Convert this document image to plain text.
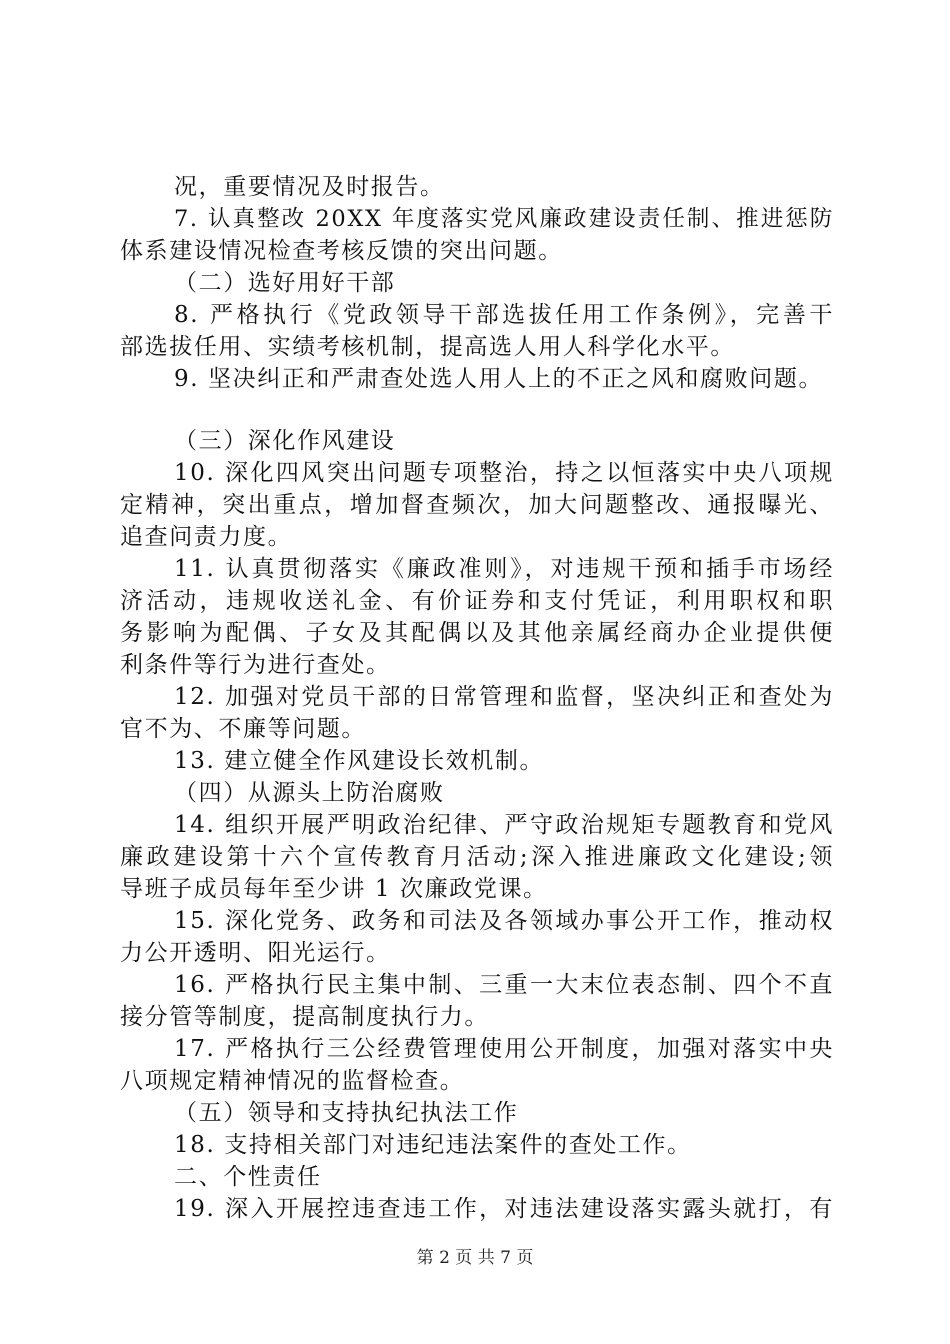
况，重要情况及时报告。
7. 认真整改 20XX 年度落实党风廉政建设责任制、推进惩防
体系建设情况检查考核反馈的突出问题。
（二）选好用好干部
8. 严格执行《党政领导干部选拔任用工作条例》，完善干
部选拔任用、实绩考核机制，提高选人用人科学化水平。
9. 坚决纠正和严肃查处选人用人上的不正之风和腐败问题。
（三）深化作风建设
10. 深化四风突出问题专项整治，持之以恒落实中央八项规
定精神，突出重点，增加督查频次，加大问题整改、通报曝光、
追查问责力度。
11. 认真贯彻落实《廉政准则》，对违规干预和插手市场经
济活动，违规收送礼金、有价证券和支付凭证，利用职权和职
务影响为配偶、子女及其配偶以及其他亲属经商办企业提供便
利条件等行为进行查处。
12. 加强对党员干部的日常管理和监督，坚决纠正和查处为
官不为、不廉等问题。
13. 建立健全作风建设长效机制。
（四）从源头上防治腐败
14. 组织开展严明政治纪律、严守政治规矩专题教育和党风
廉政建设第十六个宣传教育月活动;深入推进廉政文化建设;领
导班子成员每年至少讲 1 次廉政党课。
15. 深化党务、政务和司法及各领域办事公开工作，推动权
力公开透明、阳光运行。
16. 严格执行民主集中制、三重一大末位表态制、四个不直
接分管等制度，提高制度执行力。
17. 严格执行三公经费管理使用公开制度，加强对落实中央
八项规定精神情况的监督检查。
（五）领导和支持执纪执法工作
18. 支持相关部门对违纪违法案件的查处工作。
二、个性责任
19. 深入开展控违查违工作，对违法建设落实露头就打，有
第 2 页 共 7 页
